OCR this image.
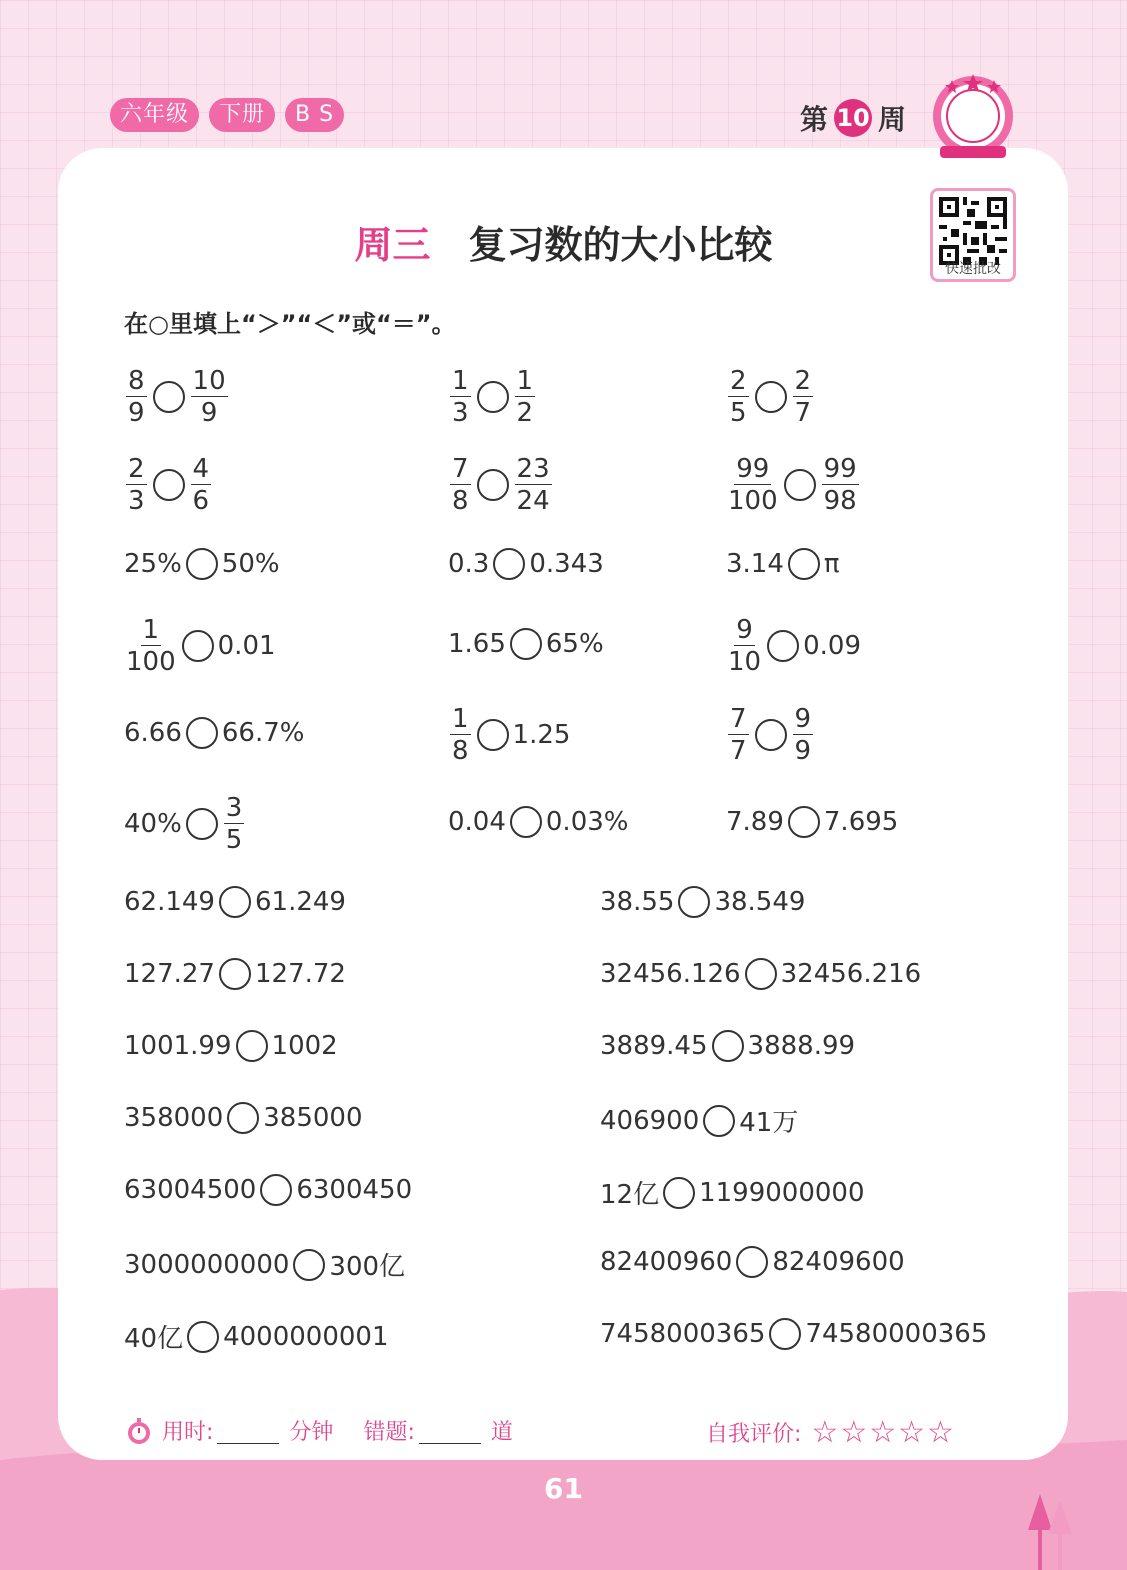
六年级	下册	B S	第 10 周
快速批改
周三 复习数的大小比较
在○里填上“＞”“＜”或“＝”。
$\frac{8}{9} \frac{10}{9}$	$\frac{1}{3} \frac{1}{2}$	$\frac{2}{5} \frac{2}{7}$
$\frac{2}{3} \frac{4}{6}$	$\frac{7}{8} \frac{23}{24}$	$\frac{99}{100} \frac{99}{98}$
25% 50%	0.3 0.343	3.14 π
$\frac{1}{100} 0.01$	1.65 65%	$\frac{9}{10} 0.09$
6.66 66.7%	$\frac{1}{8} 1.25$	$\frac{7}{7} \frac{9}{9}$
$40\% \frac{3}{5}$	0.04 0.03%	7.89 7.695
62.149 61.249	38.55 38.549
127.27 127.72	32456.126 32456.216
1001.99 1002	3889.45 3888.99
358000 385000	406900 41万
63004500 6300450	12亿 1199000000
3000000000 300亿	82400960 82409600
40亿 4000000001	7458000365 74580000365
用时:	分钟 错题:	道	自我评价: ☆☆☆☆☆
61
